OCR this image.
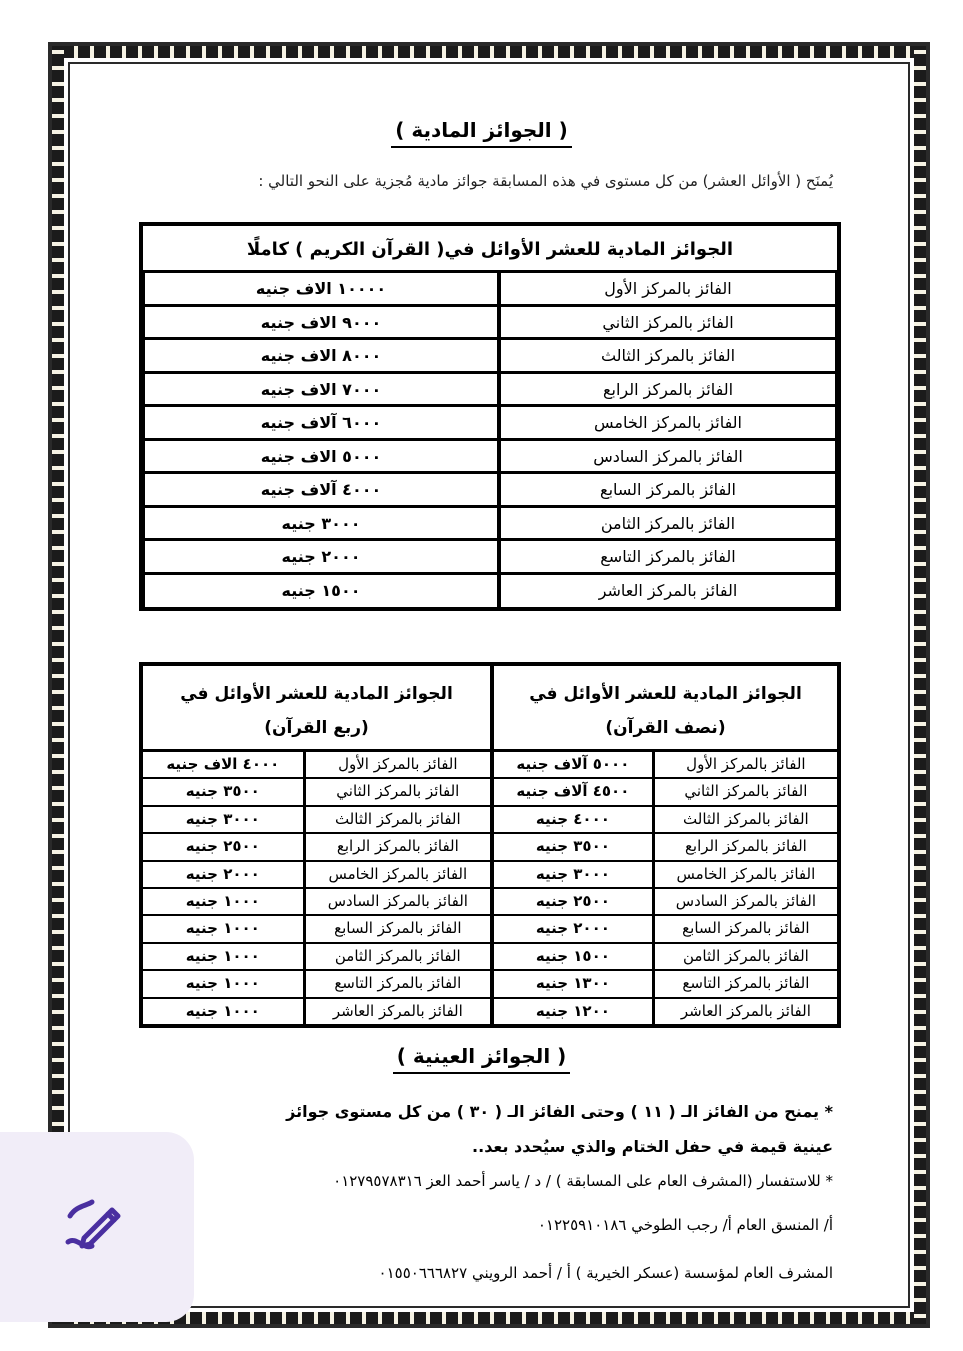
( الجوائز المادية )
يُمنَح ( الأوائل العشر) من كل مستوى في هذه المسابقة جوائز مادية مُجزية على النحو التالي :
الجوائز المادية للعشر الأوائل في( القرآن الكريم ) كاملًا
الفائز بالمركز الأول
١٠٠٠٠ الاف جنيه
الفائز بالمركز الثاني
٩٠٠٠ الاف جنيه
الفائز بالمركز الثالث
٨٠٠٠ الاف جنيه
الفائز بالمركز الرابع
٧٠٠٠ الاف جنيه
الفائز بالمركز الخامس
٦٠٠٠ آلاف جنيه
الفائز بالمركز السادس
٥٠٠٠ الاف جنيه
الفائز بالمركز السابع
٤٠٠٠ آلاف جنيه
الفائز بالمركز الثامن
٣٠٠٠ جنيه
الفائز بالمركز التاسع
٢٠٠٠ جنيه
الفائز بالمركز العاشر
١٥٠٠ جنيه
الجوائز المادية للعشر الأوائل في
(نصف القرآن)
الفائز بالمركز الأول
٥٠٠٠ آلاف جنيه
الفائز بالمركز الثاني
٤٥٠٠ آلاف جنيه
الفائز بالمركز الثالث
٤٠٠٠ جنيه
الفائز بالمركز الرابع
٣٥٠٠ جنيه
الفائز بالمركز الخامس
٣٠٠٠ جنيه
الفائز بالمركز السادس
٢٥٠٠ جنيه
الفائز بالمركز السابع
٢٠٠٠ جنيه
الفائز بالمركز الثامن
١٥٠٠ جنيه
الفائز بالمركز التاسع
١٣٠٠ جنيه
الفائز بالمركز العاشر
١٢٠٠ جنيه
الجوائز المادية للعشر الأوائل في
(ربع القرآن)
الفائز بالمركز الأول
٤٠٠٠ الاف جنيه
الفائز بالمركز الثاني
٣٥٠٠ جنيه
الفائز بالمركز الثالث
٣٠٠٠ جنيه
الفائز بالمركز الرابع
٢٥٠٠ جنيه
الفائز بالمركز الخامس
٢٠٠٠ جنيه
الفائز بالمركز السادس
١٠٠٠ جنيه
الفائز بالمركز السابع
١٠٠٠ جنيه
الفائز بالمركز الثامن
١٠٠٠ جنيه
الفائز بالمركز التاسع
١٠٠٠ جنيه
الفائز بالمركز العاشر
١٠٠٠ جنيه
( الجوائز العينية )
* يمنح من الفائز الـ ( ١١ ) وحتى الفائز الـ ( ٣٠ ) من كل مستوى جوائز
عينية قيمة في حفل الختام والذي سيُحدد بعد..
* للاستفسار (المشرف العام على المسابقة ) / د / ياسر أحمد العز ٠١٢٧٩٥٧٨٣١٦
أ/ المنسق العام أ/ رجب الطوخي ٠١٢٢٥٩١٠١٨٦
المشرف العام لمؤسسة (عسكر الخيرية ) أ / أحمد الرويني ٠١٥٥٠٦٦٦٨٢٧
